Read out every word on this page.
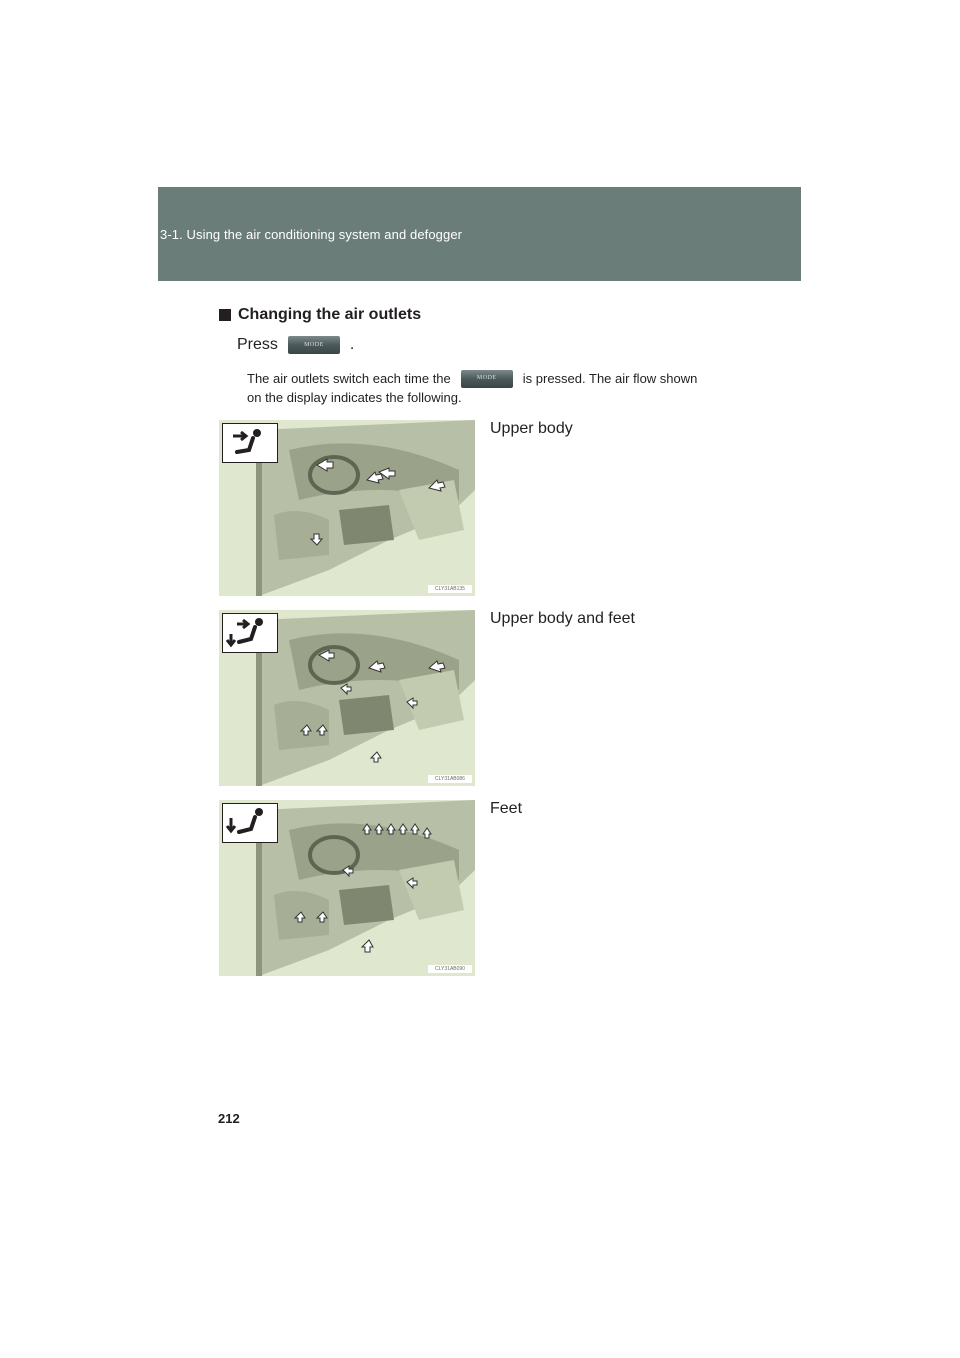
3-1. Using the air conditioning system and defogger
Changing the air outlets
Press	MODE	.
The air outlets switch each time the	MODE	is pressed. The air flow shown
on the display indicates the following.
CLY31AB135
Upper body
CLY31AB086
Upper body and feet
CLY31AB090
Feet
212
